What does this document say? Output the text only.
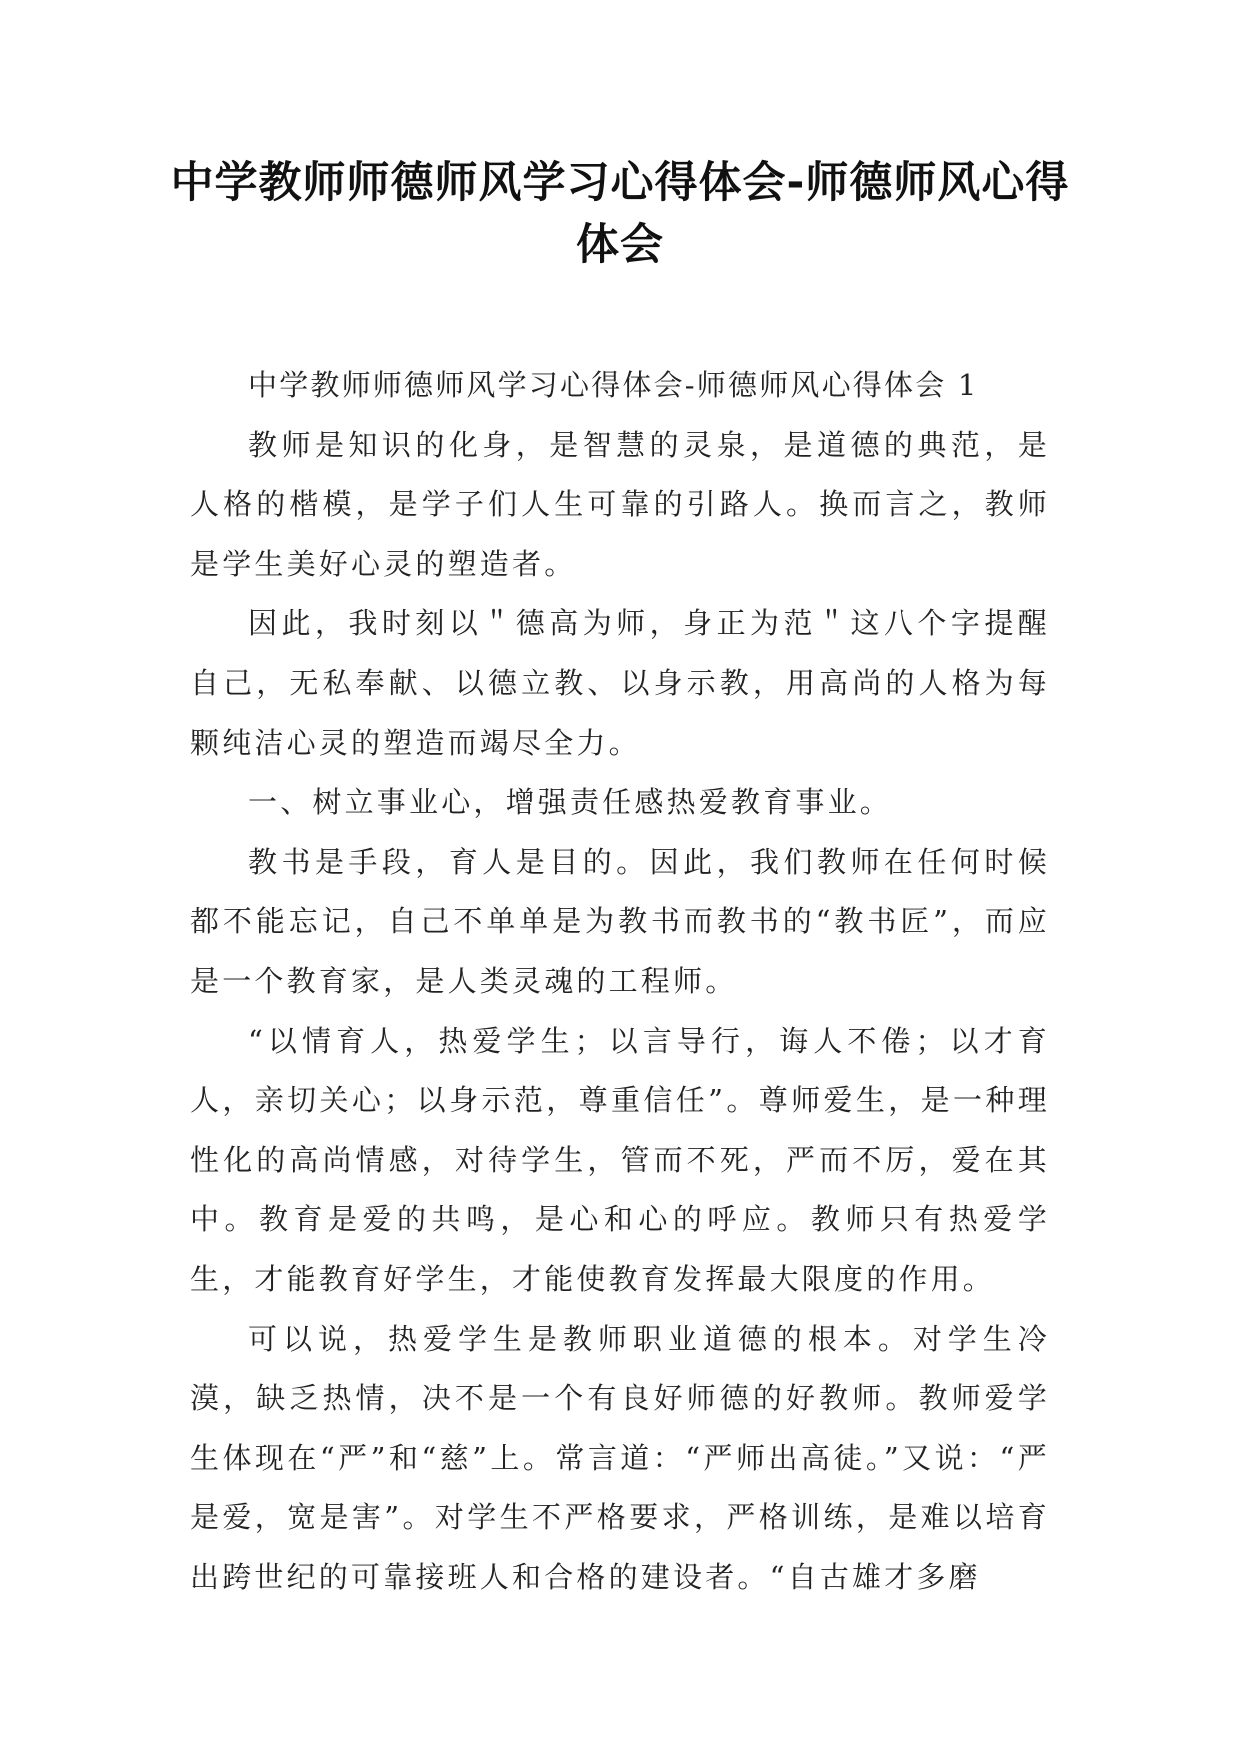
中学教师师德师风学习心得体会-师德师风心得体会

中学教师师德师风学习心得体会-师德师风心得体会 1

教师是知识的化身，是智慧的灵泉，是道德的典范，是人格的楷模，是学子们人生可靠的引路人。换而言之，教师是学生美好心灵的塑造者。

因此，我时刻以＂德高为师，身正为范＂这八个字提醒自己，无私奉献、以德立教、以身示教，用高尚的人格为每颗纯洁心灵的塑造而竭尽全力。

一、树立事业心，增强责任感热爱教育事业。

教书是手段，育人是目的。因此，我们教师在任何时候都不能忘记，自己不单单是为教书而教书的“教书匠”，而应是一个教育家，是人类灵魂的工程师。

“以情育人，热爱学生；以言导行，诲人不倦；以才育人，亲切关心；以身示范，尊重信任”。尊师爱生，是一种理性化的高尚情感，对待学生，管而不死，严而不厉，爱在其中。教育是爱的共鸣，是心和心的呼应。教师只有热爱学生，才能教育好学生，才能使教育发挥最大限度的作用。

可以说，热爱学生是教师职业道德的根本。对学生冷漠，缺乏热情，决不是一个有良好师德的好教师。教师爱学生体现在“严”和“慈”上。常言道：“严师出高徒。”又说：“严是爱，宽是害”。对学生不严格要求，严格训练，是难以培育出跨世纪的可靠接班人和合格的建设者。“自古雄才多磨
